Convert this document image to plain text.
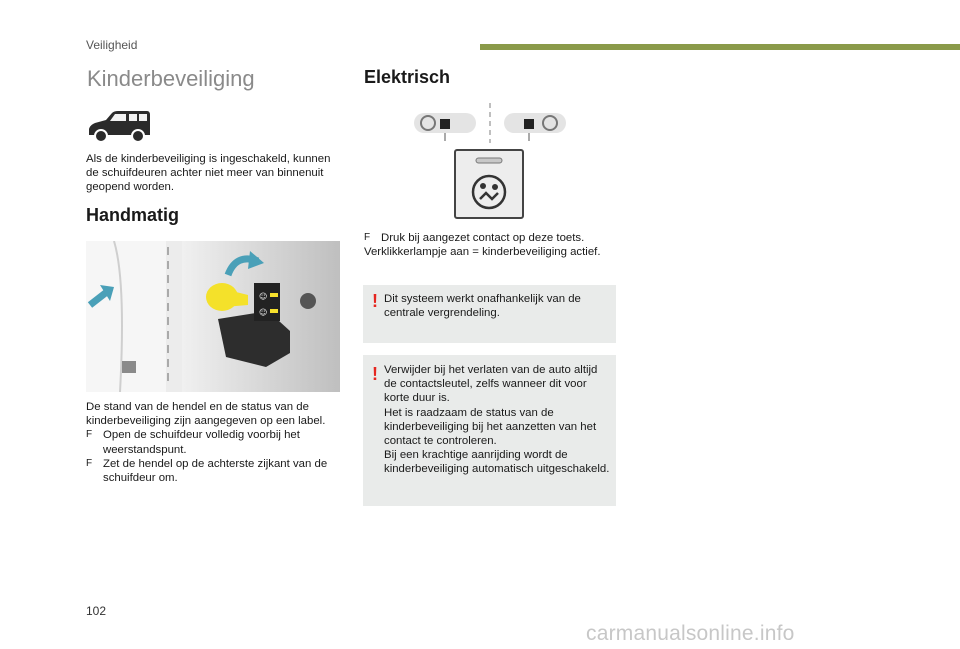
Veiligheid
Kinderbeveiliging
Als de kinderbeveiliging is ingeschakeld, kunnen de schuifdeuren achter niet meer van binnenuit geopend worden.
Handmatig
☺
☺
De stand van de hendel en de status van de kinderbeveiliging zijn aangegeven op een label.
F Open de schuifdeur volledig voorbij het weerstandspunt.
F Zet de hendel op de achterste zijkant van de schuifdeur om.
Elektrisch
F Druk bij aangezet contact op deze toets.
Verklikkerlampje aan = kinderbeveiliging actief.
! Dit systeem werkt onafhankelijk van de centrale vergrendeling.
! Verwijder bij het verlaten van de auto altijd de contactsleutel, zelfs wanneer dit voor korte duur is.
Het is raadzaam de status van de kinderbeveiliging bij het aanzetten van het contact te controleren.
Bij een krachtige aanrijding wordt de kinderbeveiliging automatisch uitgeschakeld.
102
carmanualsonline.info
